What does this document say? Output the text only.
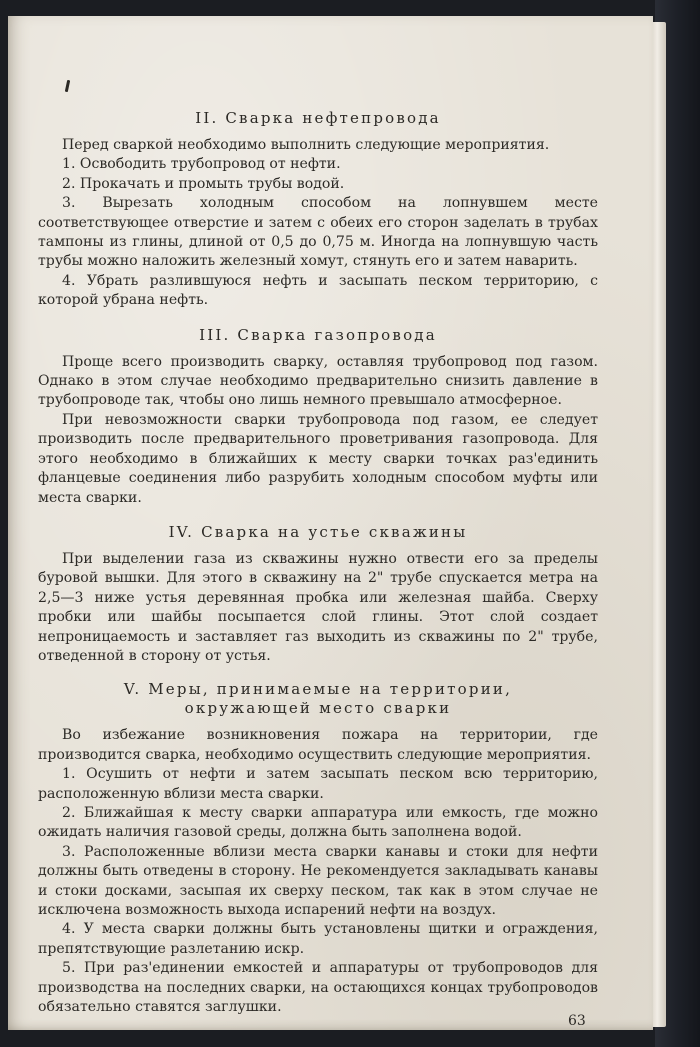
II. Сварка нефтепровода

Перед сваркой необходимо выполнить следующие мероприятия.

1. Освободить трубопровод от нефти.

2. Прокачать и промыть трубы водой.

3. Вырезать холодным способом на лопнувшем месте соответствующее отверстие и затем с обеих его сторон заделать в трубах тампоны из глины, длиной от 0,5 до 0,75 м. Иногда на лопнувшую часть трубы можно наложить железный хомут, стянуть его и затем наварить.

4. Убрать разлившуюся нефть и засыпать песком территорию, с которой убрана нефть.

III. Сварка газопровода

Проще всего производить сварку, оставляя трубопровод под газом. Однако в этом случае необходимо предварительно снизить давление в трубопроводе так, чтобы оно лишь немного превышало атмосферное.

При невозможности сварки трубопровода под газом, ее следует производить после предварительного проветривания газопровода. Для этого необходимо в ближайших к месту сварки точках раз'единить фланцевые соединения либо разрубить холодным способом муфты или места сварки.

IV. Сварка на устье скважины

При выделении газа из скважины нужно отвести его за пределы буровой вышки. Для этого в скважину на 2" трубе спускается метра на 2,5—3 ниже устья деревянная пробка или железная шайба. Сверху пробки или шайбы посыпается слой глины. Этот слой создает непроницаемость и заставляет газ выходить из скважины по 2" трубе, отведенной в сторону от устья.

V. Меры, принимаемые на территории,
окружающей место сварки

Во избежание возникновения пожара на территории, где производится сварка, необходимо осуществить следующие мероприятия.

1. Осушить от нефти и затем засыпать песком всю территорию, расположенную вблизи места сварки.

2. Ближайшая к месту сварки аппаратура или емкость, где можно ожидать наличия газовой среды, должна быть заполнена водой.

3. Расположенные вблизи места сварки канавы и стоки для нефти должны быть отведены в сторону. Не рекомендуется закладывать канавы и стоки досками, засыпая их сверху песком, так как в этом случае не исключена возможность выхода испарений нефти на воздух.

4. У места сварки должны быть установлены щитки и ограждения, препятствующие разлетанию искр.

5. При раз'единении емкостей и аппаратуры от трубопроводов для производства на последних сварки, на остающихся концах трубопроводов обязательно ставятся заглушки.

63
